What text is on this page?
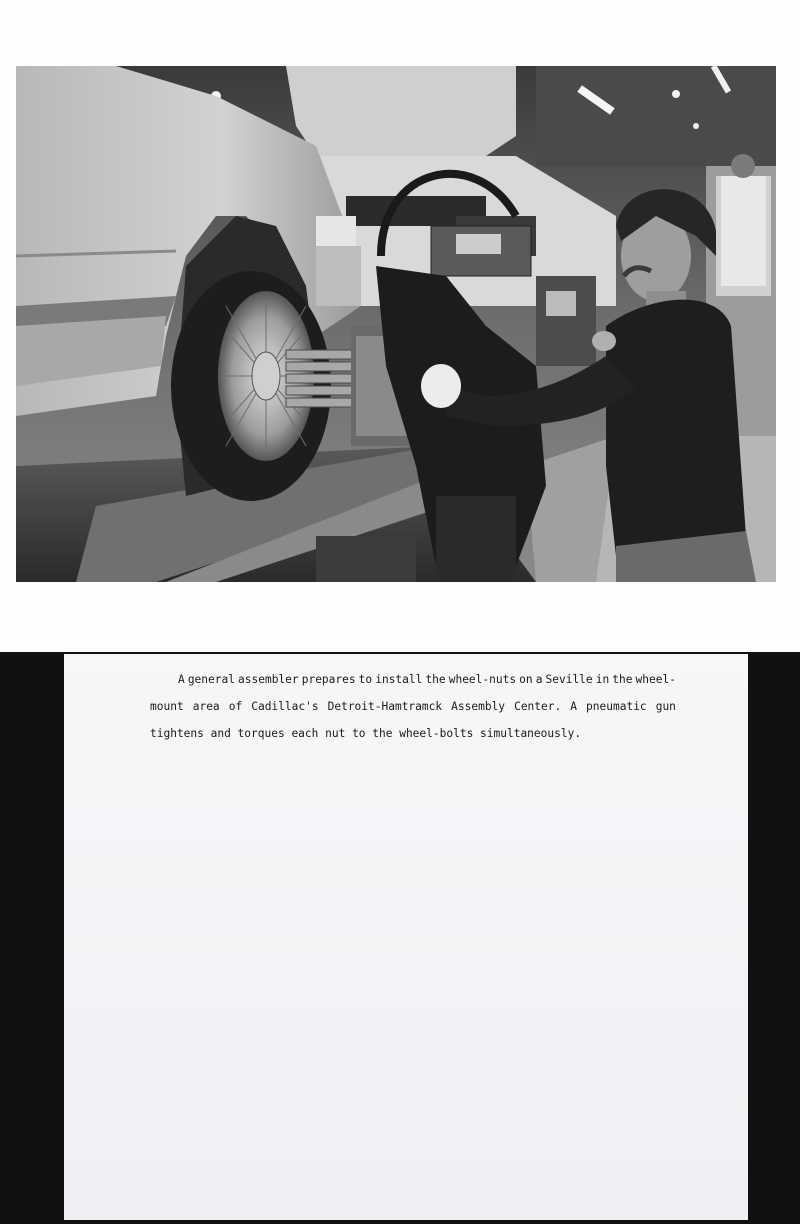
A general assembler prepares to install the wheel-nuts on a Seville in the wheel-
mount area of Cadillac's Detroit-Hamtramck Assembly Center. A pneumatic gun
tightens and torques each nut to the wheel-bolts simultaneously.
